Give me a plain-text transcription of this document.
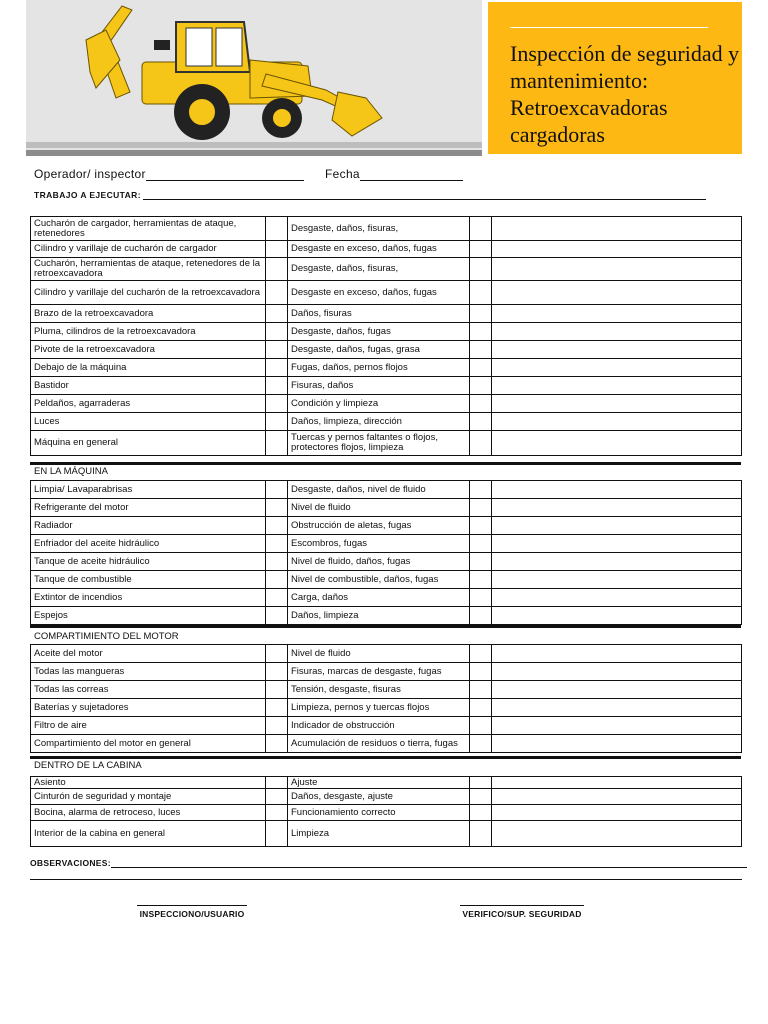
Inspección de seguridad y mantenimiento: Retroexcavadoras cargadoras
Operador/ inspector	Fecha
TRABAJO A EJECUTAR:
Cucharón de cargador, herramientas de ataque, retenedores		Desgaste, daños, fisuras,		
Cilindro y varillaje de cucharón de cargador		Desgaste en exceso, daños, fugas		
Cucharón, herramientas de ataque, retenedores de la retroexcavadora		Desgaste, daños, fisuras,		
Cilindro y varillaje del cucharón de la retroexcavadora		Desgaste en exceso, daños, fugas		
Brazo de la retroexcavadora		Daños, fisuras		
Pluma, cilindros de la retroexcavadora		Desgaste, daños, fugas		
Pivote de la retroexcavadora		Desgaste, daños, fugas, grasa		
Debajo de la máquina		Fugas, daños, pernos flojos		
Bastidor		Fisuras, daños		
Peldaños, agarraderas		Condición y limpieza		
Luces		Daños, limpieza, dirección		
Máquina en general		Tuercas y pernos faltantes o flojos, protectores flojos, limpieza		
EN LA MÁQUINA
Limpia/ Lavaparabrisas		Desgaste, daños, nivel de fluido		
Refrigerante del motor		Nivel de fluido		
Radiador		Obstrucción de aletas, fugas		
Enfriador del aceite hidráulico		Escombros, fugas		
Tanque de aceite hidráulico		Nivel de fluido, daños, fugas		
Tanque de combustible		Nivel de combustible, daños, fugas		
Extintor de incendios		Carga, daños		
Espejos		Daños, limpieza		
COMPARTIMIENTO DEL MOTOR
Aceite del motor		Nivel de fluido		
Todas las mangueras		Fisuras, marcas de desgaste, fugas		
Todas las correas		Tensión, desgaste, fisuras		
Baterías y sujetadores		Limpieza, pernos y tuercas flojos		
Filtro de aire		Indicador de obstrucción		
Compartimiento del motor en general		Acumulación de residuos o tierra, fugas		
DENTRO DE LA CABINA
Asiento		Ajuste		
Cinturón de seguridad y montaje		Daños, desgaste, ajuste		
Bocina, alarma de retroceso, luces		Funcionamiento correcto		
Interior de la cabina en general		Limpieza		
OBSERVACIONES:
INSPECCIONO/USUARIO	VERIFICO/SUP. SEGURIDAD
